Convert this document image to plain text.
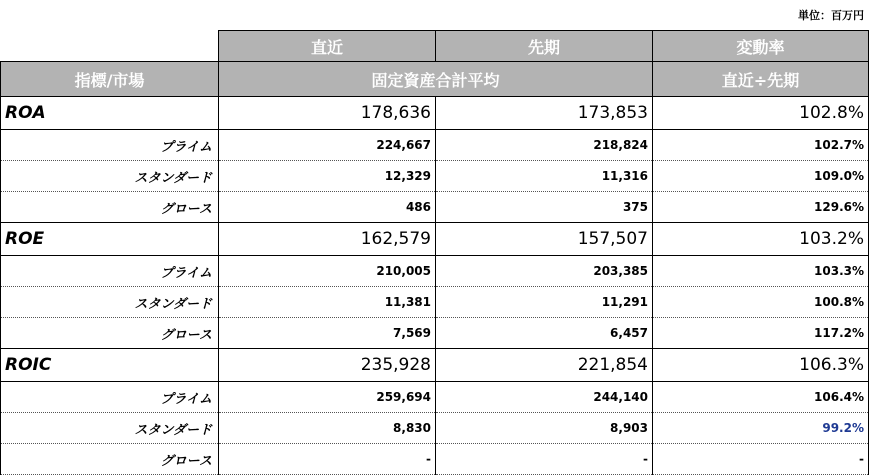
単位：百万円
	直近	先期	変動率
指標/市場	固定資産合計平均		直近÷先期
ROA	178,636	173,853	102.8%
プライム	224,667	218,824	102.7%
スタンダード	12,329	11,316	109.0%
グロース	486	375	129.6%
ROE	162,579	157,507	103.2%
プライム	210,005	203,385	103.3%
スタンダード	11,381	11,291	100.8%
グロース	7,569	6,457	117.2%
ROIC	235,928	221,854	106.3%
プライム	259,694	244,140	106.4%
スタンダード	8,830	8,903	99.2%
グロース	-	-	-
